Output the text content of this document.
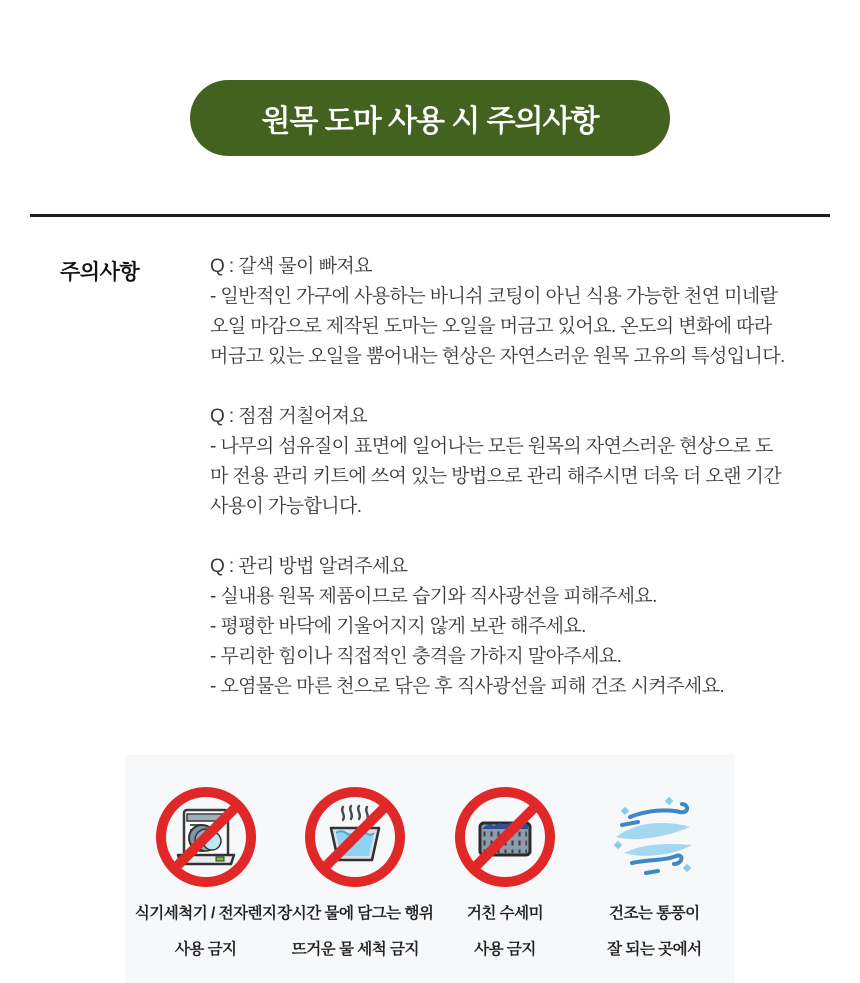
원목 도마 사용 시 주의사항
주의사항	Q : 갈색 물이 빠져요

- 일반적인 가구에 사용하는 바니쉬 코팅이 아닌 식용 가능한 천연 미네랄 오일 마감으로 제작된 도마는 오일을 머금고 있어요. 온도의 변화에 따라 머금고 있는 오일을 뿜어내는 현상은 자연스러운 원목 고유의 특성입니다.

Q : 점점 거칠어져요

- 나무의 섬유질이 표면에 일어나는 모든 원목의 자연스러운 현상으로 도마 전용 관리 키트에 쓰여 있는 방법으로 관리 해주시면 더욱 더 오랜 기간 사용이 가능합니다.

Q : 관리 방법 알려주세요

- 실내용 원목 제품이므로 습기와 직사광선을 피해주세요.

- 평평한 바닥에 기울어지지 않게 보관 해주세요.

- 무리한 힘이나 직접적인 충격을 가하지 말아주세요.

- 오염물은 마른 천으로 닦은 후 직사광선을 피해 건조 시켜주세요.

식기세척기 / 전자렌지
사용 금지
장시간 물에 담그는 행위
뜨거운 물 세척 금지
거친 수세미
사용 금지
건조는 통풍이
잘 되는 곳에서
